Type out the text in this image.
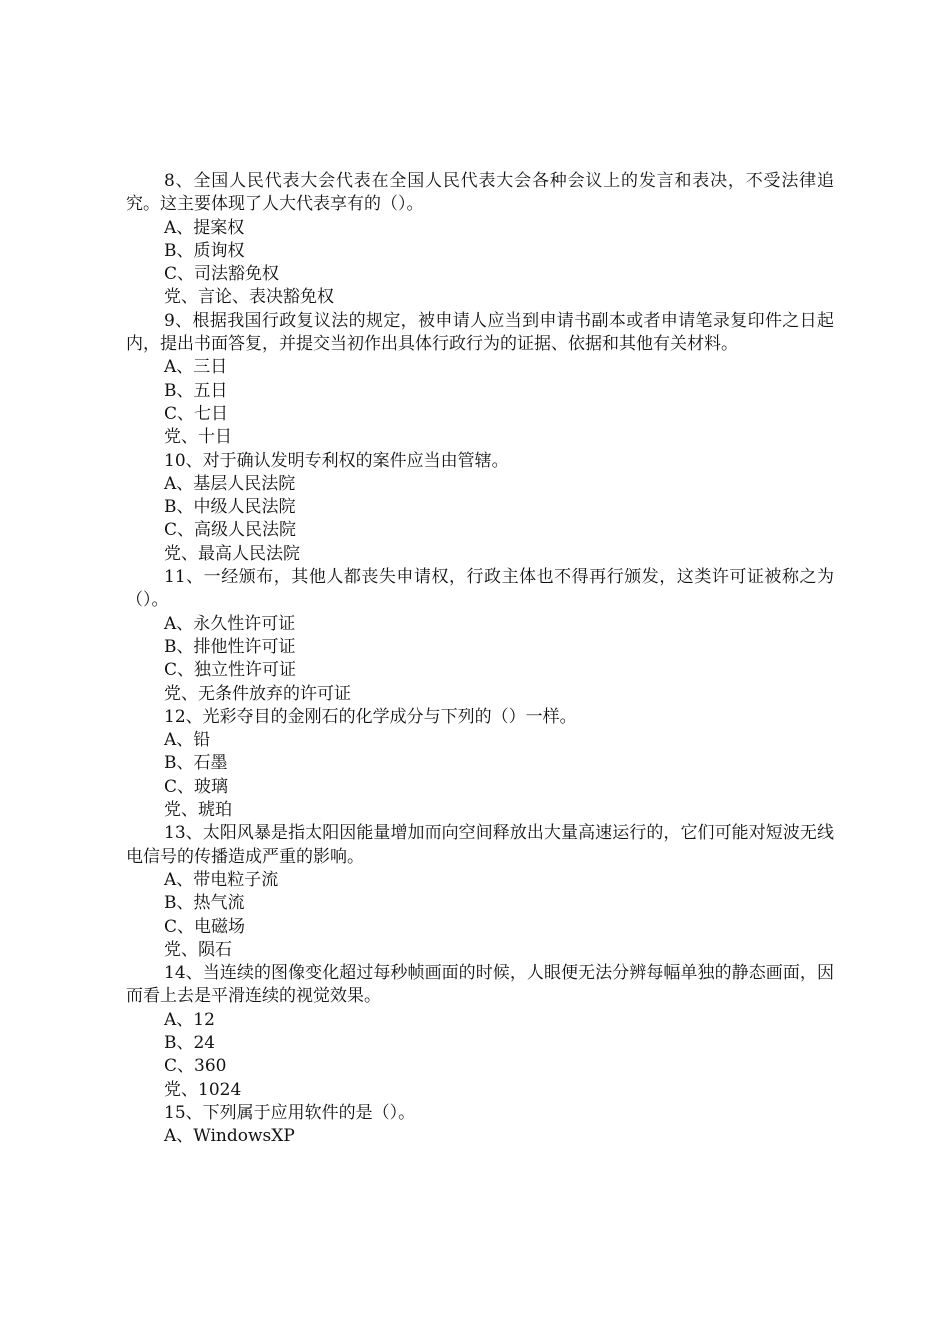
8、全国人民代表大会代表在全国人民代表大会各种会议上的发言和表决，不受法律追究。这主要体现了人大代表享有的（）。

A、提案权

B、质询权

C、司法豁免权

党、言论、表决豁免权

9、根据我国行政复议法的规定，被申请人应当到申请书副本或者申请笔录复印件之日起内，提出书面答复，并提交当初作出具体行政行为的证据、依据和其他有关材料。

A、三日

B、五日

C、七日

党、十日

10、对于确认发明专利权的案件应当由管辖。

A、基层人民法院

B、中级人民法院

C、高级人民法院

党、最高人民法院

11、一经颁布，其他人都丧失申请权，行政主体也不得再行颁发，这类许可证被称之为（）。

A、永久性许可证

B、排他性许可证

C、独立性许可证

党、无条件放弃的许可证

12、光彩夺目的金刚石的化学成分与下列的（）一样。

A、铅

B、石墨

C、玻璃

党、琥珀

13、太阳风暴是指太阳因能量增加而向空间释放出大量高速运行的，它们可能对短波无线电信号的传播造成严重的影响。

A、带电粒子流

B、热气流

C、电磁场

党、陨石

14、当连续的图像变化超过每秒帧画面的时候，人眼便无法分辨每幅单独的静态画面，因而看上去是平滑连续的视觉效果。

A、12

B、24

C、360

党、1024

15、下列属于应用软件的是（）。

A、WindowsXP
